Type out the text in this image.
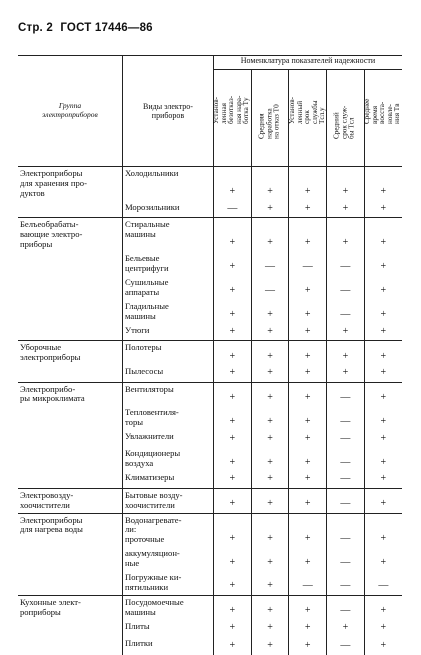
Стр. 2 ГОСТ 17446—86
Группа
электроприборов	Виды электро-
приборов	Номенклатура показателей надежности				

		Установ-
ленная
безотказ-
ная нара-
ботка Tу	Средняя
наработка
на отказ T0	Установ-
ленный
срок
службы
Tсл.у	Средний
срок служ-
бы Tсл	Среднее
время
восста-
новле-
ния Tв

Электроприборы
для хранения про-
дуктов	Холодильники	+	+	+	+	+
	Морозильники	—	+	+	+	+
Белъеобрабаты-
вающие электро-
приборы	Стиральные
машины	+	+	+	+	+
	Бельевые
центрифуги	+	—	—	—	+
	Сушильные
аппараты	+	—	+	—	+
	Гладильные
машины	+	+	+	—	+
	Утюги	+	+	+	+	+
Уборочные
электроприборы	Полотеры	+	+	+	+	+
	Пылесосы	+	+	+	+	+
Электроприбо-
ры микроклимата	Вентиляторы	+	+	+	—	+
	Тепловентиля-
торы	+	+	+	—	+
	Увлажнители	+	+	+	—	+
	Кондиционеры
воздуха	+	+	+	—	+
	Климатизеры	+	+	+	—	+
Электровозду-
хоочистители	Бытовые возду-
хоочистители	+	+	+	—	+
Электроприборы
для нагрева воды	Водонагревате-
ли:
проточные	+	+	+	—	+
	аккумуляцион-
ные	+	+	+	—	+
	Погружные ки-
пятильники	+	+	—	—	—
Кухонные элект-
роприборы	Посудомоечные
машины	+	+	+	—	+
	Плиты	+	+	+	+	+
	Плитки	+	+	+	—	+
